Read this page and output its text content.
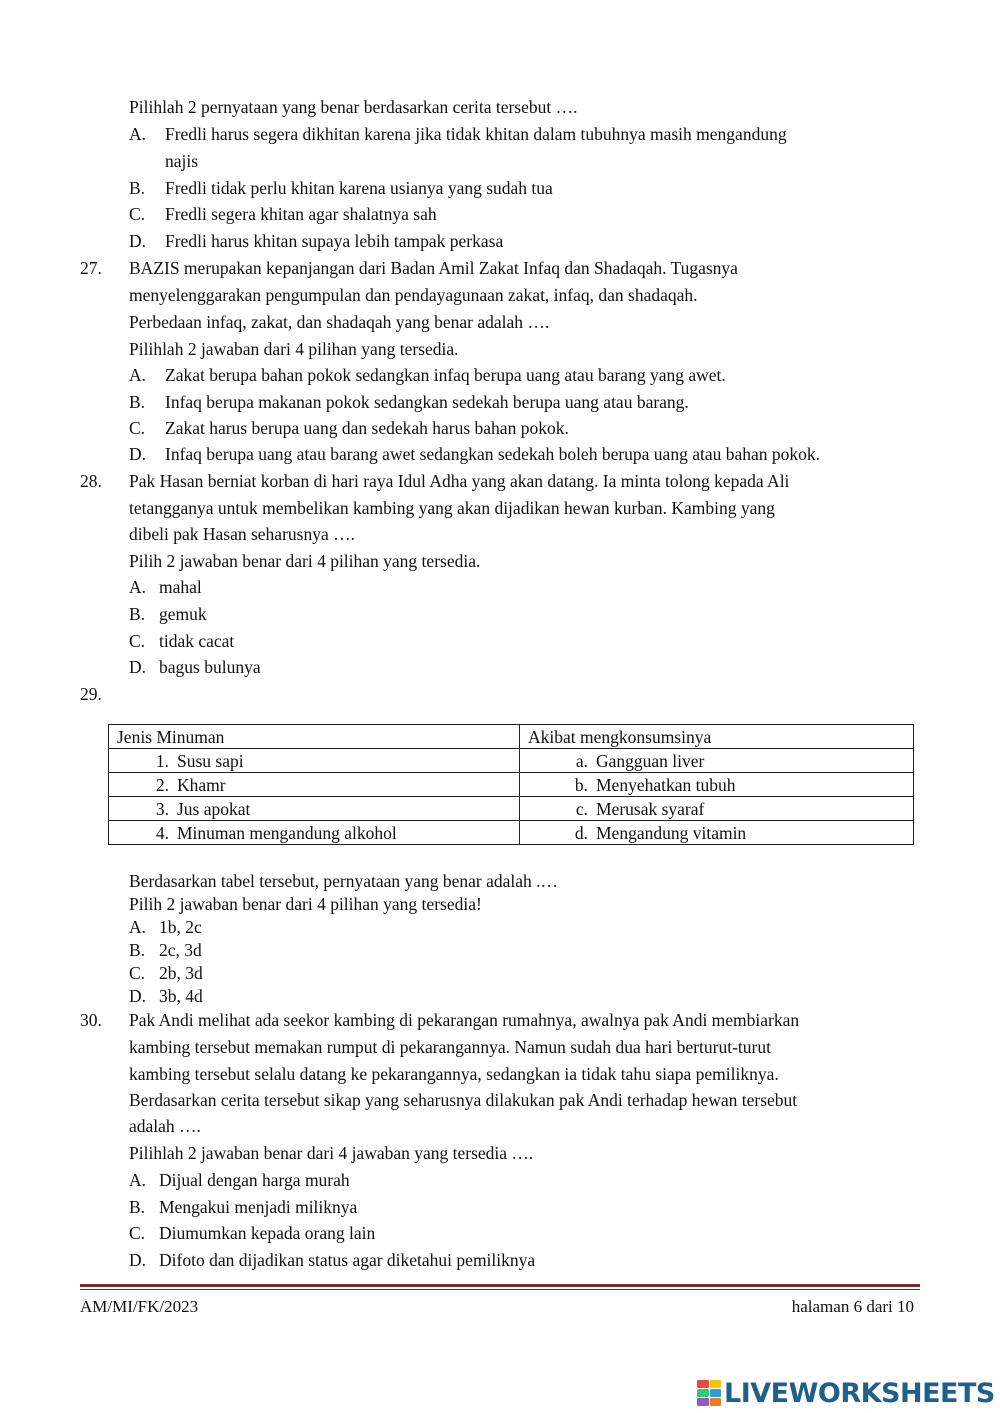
Pilihlah 2 pernyataan yang benar berdasarkan cerita tersebut ….
A. Fredli harus segera dikhitan karena jika tidak khitan dalam tubuhnya masih mengandung
najis
B. Fredli tidak perlu khitan karena usianya yang sudah tua
C. Fredli segera khitan agar shalatnya sah
D. Fredli harus khitan supaya lebih tampak perkasa
27. BAZIS merupakan kepanjangan dari Badan Amil Zakat Infaq dan Shadaqah. Tugasnya
menyelenggarakan pengumpulan dan pendayagunaan zakat, infaq, dan shadaqah.
Perbedaan infaq, zakat, dan shadaqah yang benar adalah ….
Pilihlah 2 jawaban dari 4 pilihan yang tersedia.
A. Zakat berupa bahan pokok sedangkan infaq berupa uang atau barang yang awet.
B. Infaq berupa makanan pokok sedangkan sedekah berupa uang atau barang.
C. Zakat harus berupa uang dan sedekah harus bahan pokok.
D. Infaq berupa uang atau barang awet sedangkan sedekah boleh berupa uang atau bahan pokok.
28. Pak Hasan berniat korban di hari raya Idul Adha yang akan datang. Ia minta tolong kepada Ali
tetangganya untuk membelikan kambing yang akan dijadikan hewan kurban. Kambing yang
dibeli pak Hasan seharusnya ….
Pilih 2 jawaban benar dari 4 pilihan yang tersedia.
A. mahal
B. gemuk
C. tidak cacat
D. bagus bulunya
29.
Jenis Minuman	Akibat mengkonsumsinya
1. Susu sapi	a. Gangguan liver
2. Khamr	b. Menyehatkan tubuh
3. Jus apokat	c. Merusak syaraf
4. Minuman mengandung alkohol	d. Mengandung vitamin
Berdasarkan tabel tersebut, pernyataan yang benar adalah .…
Pilih 2 jawaban benar dari 4 pilihan yang tersedia!
A. 1b, 2c
B. 2c, 3d
C. 2b, 3d
D. 3b, 4d
30. Pak Andi melihat ada seekor kambing di pekarangan rumahnya, awalnya pak Andi membiarkan
kambing tersebut memakan rumput di pekarangannya. Namun sudah dua hari berturut-turut
kambing tersebut selalu datang ke pekarangannya, sedangkan ia tidak tahu siapa pemiliknya.
Berdasarkan cerita tersebut sikap yang seharusnya dilakukan pak Andi terhadap hewan tersebut
adalah ….
Pilihlah 2 jawaban benar dari 4 jawaban yang tersedia ….
A. Dijual dengan harga murah
B. Mengakui menjadi miliknya
C. Diumumkan kepada orang lain
D. Difoto dan dijadikan status agar diketahui pemiliknya
AM/MI/FK/2023	halaman 6 dari 10
LIVEWORKSHEETS
